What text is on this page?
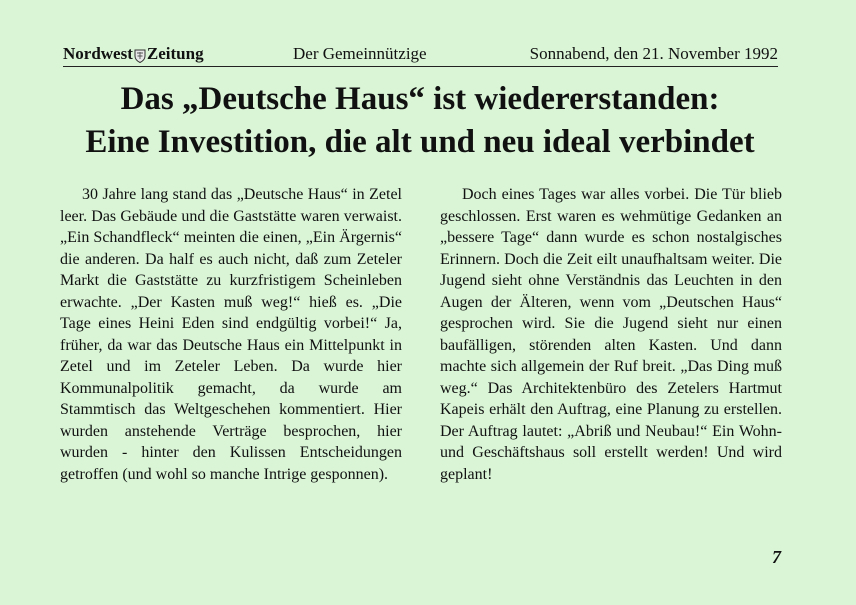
Nordwest Zeitung	Der Gemeinnützige	Sonnabend, den 21. November 1992
Das „Deutsche Haus“ ist wiedererstanden:
Eine Investition, die alt und neu ideal verbindet

30 Jahre lang stand das „Deutsche Haus“ in Zetel leer. Das Gebäude und die Gaststätte waren verwaist. „Ein Schandfleck“ meinten die einen, „Ein Ärgernis“ die anderen. Da half es auch nicht, daß zum Zeteler Markt die Gaststätte zu kurzfristigem Scheinleben erwachte. „Der Kasten muß weg!“ hieß es. „Die Tage eines Heini Eden sind endgültig vorbei!“ Ja, früher, da war das Deutsche Haus ein Mittelpunkt in Zetel und im Zeteler Leben. Da wurde hier Kommunalpolitik gemacht, da wurde am Stammtisch das Weltgeschehen kommentiert. Hier wurden anstehende Verträge besprochen, hier wurden - hinter den Kulissen Entscheidungen getroffen (und wohl so manche Intrige gesponnen).

Doch eines Tages war alles vorbei. Die Tür blieb geschlossen. Erst waren es wehmütige Gedanken an „bessere Tage“ dann wurde es schon nostalgisches Erinnern. Doch die Zeit eilt unaufhaltsam weiter. Die Jugend sieht ohne Verständnis das Leuchten in den Augen der Älteren, wenn vom „Deutschen Haus“ gesprochen wird. Sie die Jugend sieht nur einen baufälligen, störenden alten Kasten. Und dann machte sich allgemein der Ruf breit. „Das Ding muß weg.“ Das Architektenbüro des Zetelers Hartmut Kapeis erhält den Auftrag, eine Planung zu erstellen. Der Auftrag lautet: „Abriß und Neubau!“ Ein Wohn- und Geschäftshaus soll erstellt werden! Und wird geplant!

7
